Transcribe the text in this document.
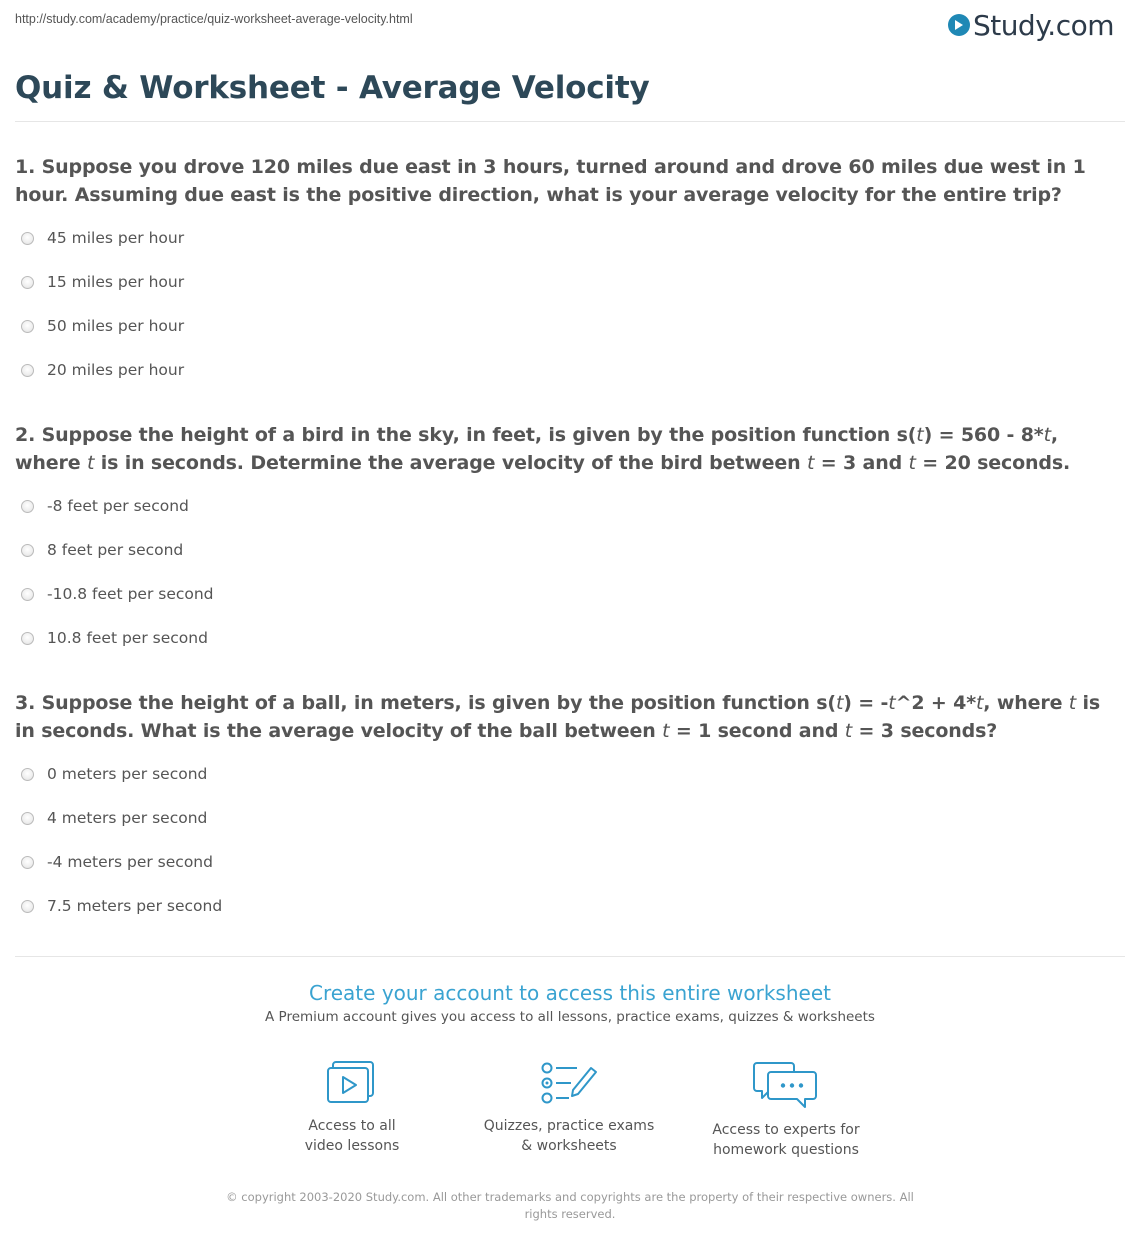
http://study.com/academy/practice/quiz-worksheet-average-velocity.html	Study.com
Quiz & Worksheet - Average Velocity
1. Suppose you drove 120 miles due east in 3 hours, turned around and drove 60 miles due west in 1 hour. Assuming due east is the positive direction, what is your average velocity for the entire trip?
45 miles per hour
15 miles per hour
50 miles per hour
20 miles per hour
2. Suppose the height of a bird in the sky, in feet, is given by the position function s(t) = 560 - 8*t, where t is in seconds. Determine the average velocity of the bird between t = 3 and t = 20 seconds.
-8 feet per second
8 feet per second
-10.8 feet per second
10.8 feet per second
3. Suppose the height of a ball, in meters, is given by the position function s(t) = -t^2 + 4*t, where t is in seconds. What is the average velocity of the ball between t = 1 second and t = 3 seconds?
0 meters per second
4 meters per second
-4 meters per second
7.5 meters per second
Create your account to access this entire worksheet
A Premium account gives you access to all lessons, practice exams, quizzes & worksheets
Access to all
video lessons
Quizzes, practice exams
& worksheets
Access to experts for
homework questions
© copyright 2003-2020 Study.com. All other trademarks and copyrights are the property of their respective owners. All rights reserved.
